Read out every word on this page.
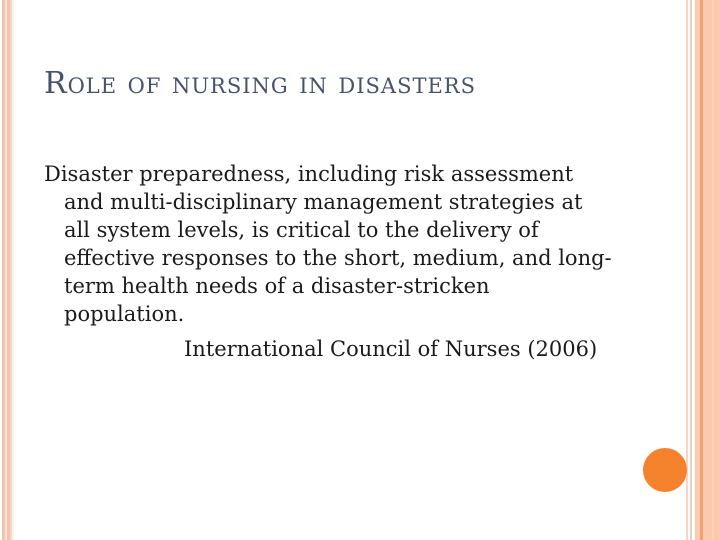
Role of nursing in disasters
Disaster preparedness, including risk assessment
and multi-disciplinary management strategies at
all system levels, is critical to the delivery of
effective responses to the short, medium, and long-
term health needs of a disaster-stricken
population.
International Council of Nurses (2006)
